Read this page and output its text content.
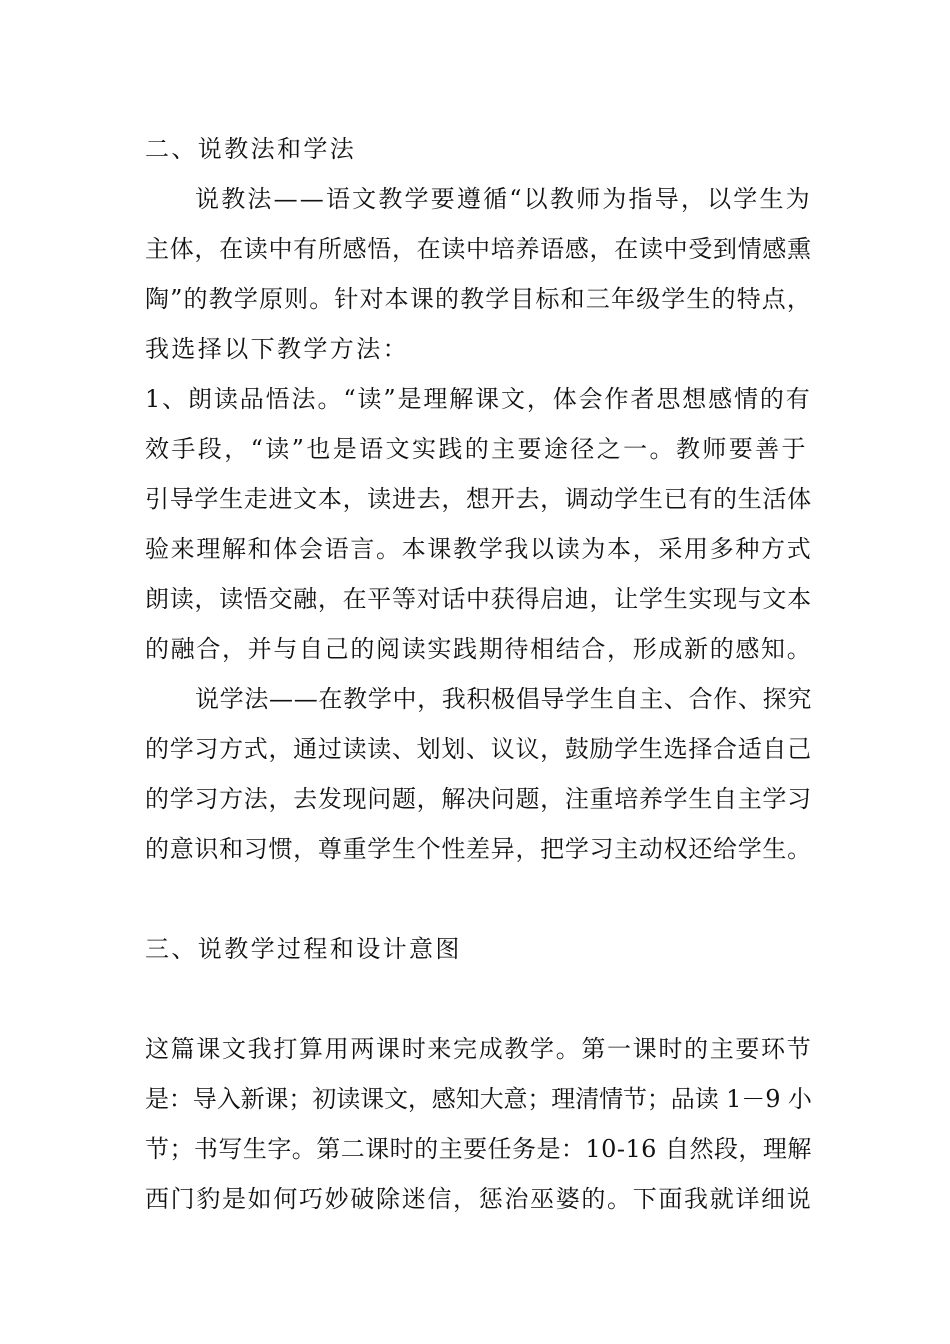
二、说教法和学法
说教法——语文教学要遵循“以教师为指导，以学生为
主体，在读中有所感悟，在读中培养语感，在读中受到情感熏
陶”的教学原则。针对本课的教学目标和三年级学生的特点，
我选择以下教学方法：
1、朗读品悟法。“读”是理解课文，体会作者思想感情的有
效手段，“读”也是语文实践的主要途径之一。教师要善于
引导学生走进文本，读进去，想开去，调动学生已有的生活体
验来理解和体会语言。本课教学我以读为本，采用多种方式
朗读，读悟交融，在平等对话中获得启迪，让学生实现与文本
的融合，并与自己的阅读实践期待相结合，形成新的感知。
说学法——在教学中，我积极倡导学生自主、合作、探究
的学习方式，通过读读、划划、议议，鼓励学生选择合适自己
的学习方法，去发现问题，解决问题，注重培养学生自主学习
的意识和习惯，尊重学生个性差异，把学习主动权还给学生。
三、说教学过程和设计意图
这篇课文我打算用两课时来完成教学。第一课时的主要环节
是：导入新课；初读课文，感知大意；理清情节；品读 1－9 小
节；书写生字。第二课时的主要任务是：10-16 自然段，理解
西门豹是如何巧妙破除迷信，惩治巫婆的。下面我就详细说
